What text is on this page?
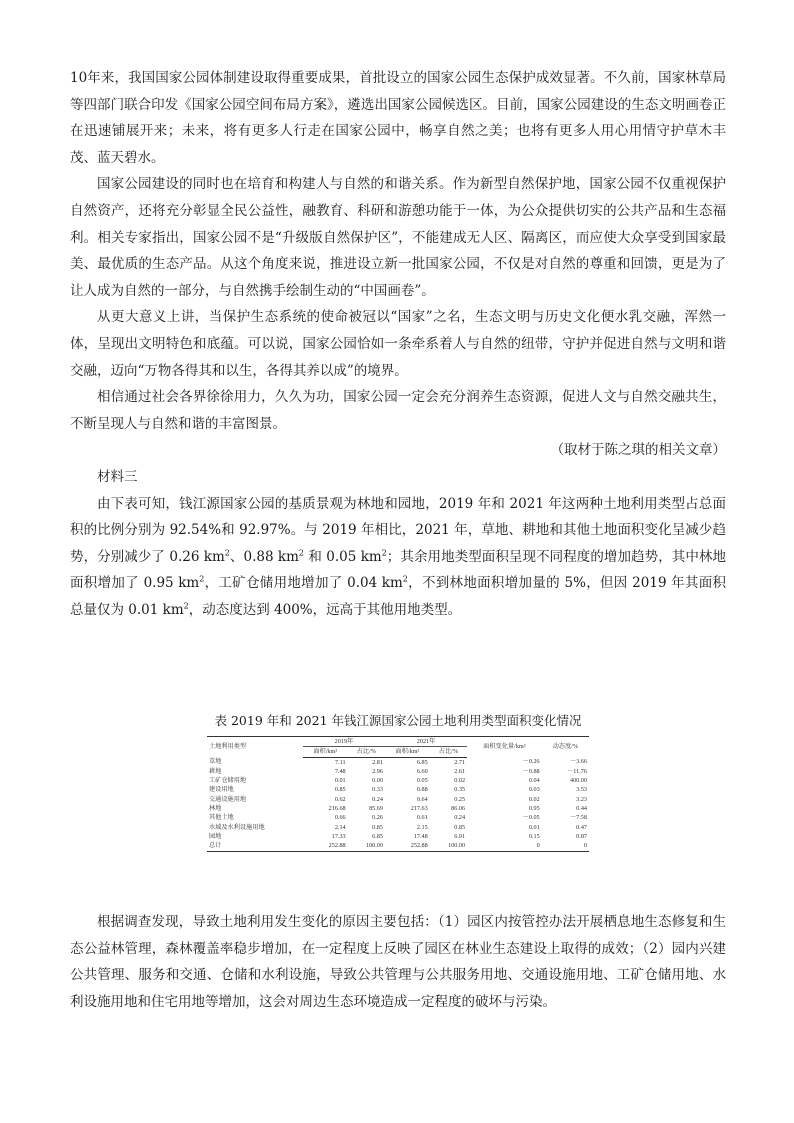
10年来，我国国家公园体制建设取得重要成果，首批设立的国家公园生态保护成效显著。不久前，国家林草局等四部门联合印发《国家公园空间布局方案》，遴选出国家公园候选区。目前，国家公园建设的生态文明画卷正在迅速铺展开来；未来，将有更多人行走在国家公园中，畅享自然之美；也将有更多人用心用情守护草木丰茂、蓝天碧水。

国家公园建设的同时也在培育和构建人与自然的和谐关系。作为新型自然保护地，国家公园不仅重视保护自然资产，还将充分彰显全民公益性，融教育、科研和游憩功能于一体，为公众提供切实的公共产品和生态福利。相关专家指出，国家公园不是“升级版自然保护区”，不能建成无人区、隔离区，而应使大众享受到国家最美、最优质的生态产品。从这个角度来说，推进设立新一批国家公园，不仅是对自然的尊重和回馈，更是为了让人成为自然的一部分，与自然携手绘制生动的“中国画卷”。

从更大意义上讲，当保护生态系统的使命被冠以“国家”之名，生态文明与历史文化便水乳交融，浑然一体，呈现出文明特色和底蕴。可以说，国家公园恰如一条牵系着人与自然的纽带，守护并促进自然与文明和谐交融，迈向“万物各得其和以生，各得其养以成”的境界。

相信通过社会各界徐徐用力，久久为功，国家公园一定会充分润养生态资源，促进人文与自然交融共生，不断呈现人与自然和谐的丰富图景。

（取材于陈之琪的相关文章）

材料三

由下表可知，钱江源国家公园的基质景观为林地和园地，2019 年和 2021 年这两种土地利用类型占总面积的比例分别为 92.54%和 92.97%。与 2019 年相比，2021 年，草地、耕地和其他土地面积变化呈减少趋势，分别减少了 0.26 $km^2$、0.88 $km^2$ 和 0.05 $km^2$；其余用地类型面积呈现不同程度的增加趋势，其中林地面积增加了 0.95 $km^2$，工矿仓储用地增加了 0.04 $km^2$，不到林地面积增加量的 5%，但因 2019 年其面积总量仅为 0.01 $km^2$，动态度达到 400%，远高于其他用地类型。

表 2019 年和 2021 年钱江源国家公园土地利用类型面积变化情况
土地利用类型	2019年		2021年		面积变化量/km²	动态度/%
	面积/km²	占比/%	面积/km²	占比/%		
草地	7.11	2.81	6.85	2.71	－0.26	－3.66
耕地	7.48	2.96	6.60	2.61	－0.88	－11.76
工矿仓储用地	0.01	0.00	0.05	0.02	0.04	400.00
建设用地	0.85	0.33	0.88	0.35	0.03	3.53
交通设施用地	0.62	0.24	0.64	0.25	0.02	3.23
林地	216.68	85.69	217.63	86.06	0.95	0.44
其他土地	0.66	0.26	0.61	0.24	－0.05	－7.58
水域及水利设施用地	2.14	0.85	2.15	0.85	0.01	0.47
园地	17.33	6.85	17.48	6.91	0.15	0.87
总计	252.88	100.00	252.88	100.00	0	0

根据调查发现，导致土地利用发生变化的原因主要包括：（1）园区内按管控办法开展栖息地生态修复和生态公益林管理，森林覆盖率稳步增加，在一定程度上反映了园区在林业生态建设上取得的成效；（2）园内兴建公共管理、服务和交通、仓储和水利设施，导致公共管理与公共服务用地、交通设施用地、工矿仓储用地、水利设施用地和住宅用地等增加，这会对周边生态环境造成一定程度的破坏与污染。
